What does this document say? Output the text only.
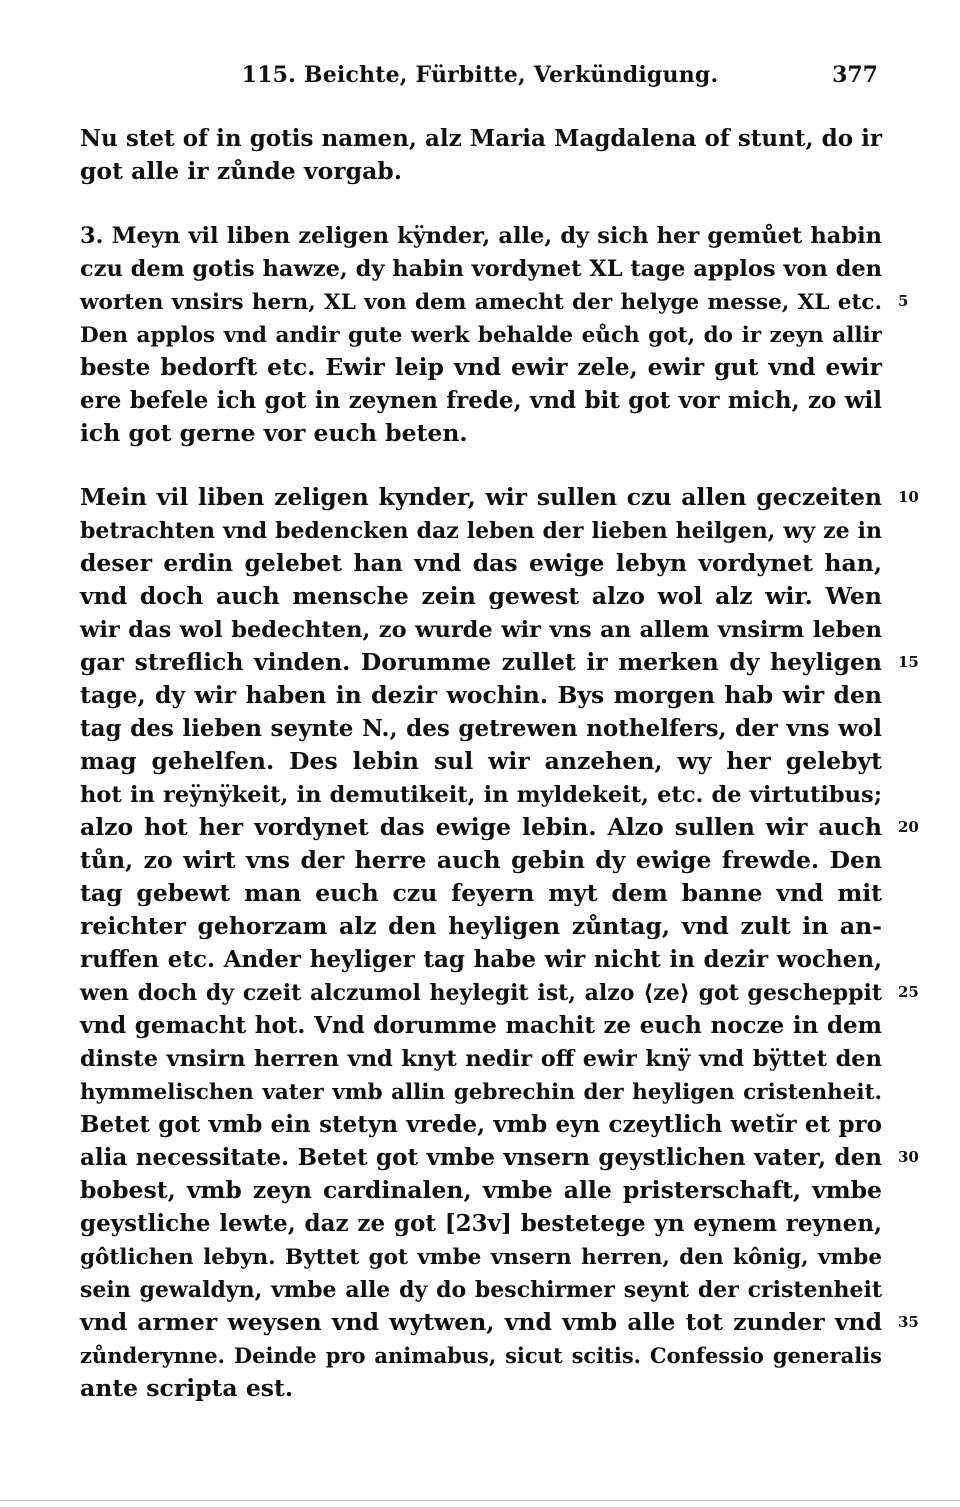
115. Beichte, Fürbitte, Verkündigung.	377
Nu stet of in gotis namen, alz Maria Magdalena of stunt, do ir
got alle ir zůnde vorgab.
3. Meyn vil liben zeligen kÿnder, alle, dy sich her gemůet habin
czu dem gotis hawze, dy habin vordynet XL tage applos von den
worten vnsirs hern, XL von dem amecht der helyge messe, XL etc. 5
Den applos vnd andir gute werk behalde eůch got, do ir zeyn allir
beste bedorft etc. Ewir leip vnd ewir zele, ewir gut vnd ewir
ere befele ich got in zeynen frede, vnd bit got vor mich, zo wil
ich got gerne vor euch beten.
Mein vil liben zeligen kynder, wir sullen czu allen geczeiten 10
betrachten vnd bedencken daz leben der lieben heilgen, wy ze in
deser erdin gelebet han vnd das ewige lebyn vordynet han,
vnd doch auch mensche zein gewest alzo wol alz wir. Wen
wir das wol bedechten, zo wurde wir vns an allem vnsirm leben
gar streflich vinden. Dorumme zullet ir merken dy heyligen 15
tage, dy wir haben in dezir wochin. Bys morgen hab wir den
tag des lieben seynte N., des getrewen nothelfers, der vns wol
mag gehelfen. Des lebin sul wir anzehen, wy her gelebyt
hot in reÿnÿkeit, in demutikeit, in myldekeit, etc. de virtutibus;
alzo hot her vordynet das ewige lebin. Alzo sullen wir auch 20
tůn, zo wirt vns der herre auch gebin dy ewige frewde. Den
tag gebewt man euch czu feyern myt dem banne vnd mit
reichter gehorzam alz den heyligen zůntag, vnd zult in an-
ruffen etc. Ander heyliger tag habe wir nicht in dezir wochen,
wen doch dy czeit alczumol heylegit ist, alzo ⟨ze⟩ got gescheppit 25
vnd gemacht hot. Vnd dorumme machit ze euch nocze in dem
dinste vnsirn herren vnd knyt nedir off ewir knÿ vnd bÿttet den
hymmelischen vater vmb allin gebrechin der heyligen cristenheit.
Betet got vmb ein stetyn vrede, vmb eyn czeytlich wetĭr et pro
alia necessitate. Betet got vmbe vnsern geystlichen vater, den 30
bobest, vmb zeyn cardinalen, vmbe alle pristerschaft, vmbe
geystliche lewte, daz ze got [23v] bestetege yn eynem reynen,
gôtlichen lebyn. Byttet got vmbe vnsern herren, den kônig, vmbe
sein gewaldyn, vmbe alle dy do beschirmer seynt der cristenheit
vnd armer weysen vnd wytwen, vnd vmb alle tot zunder vnd 35
zůnderynne. Deinde pro animabus, sicut scitis. Confessio generalis
ante scripta est.
